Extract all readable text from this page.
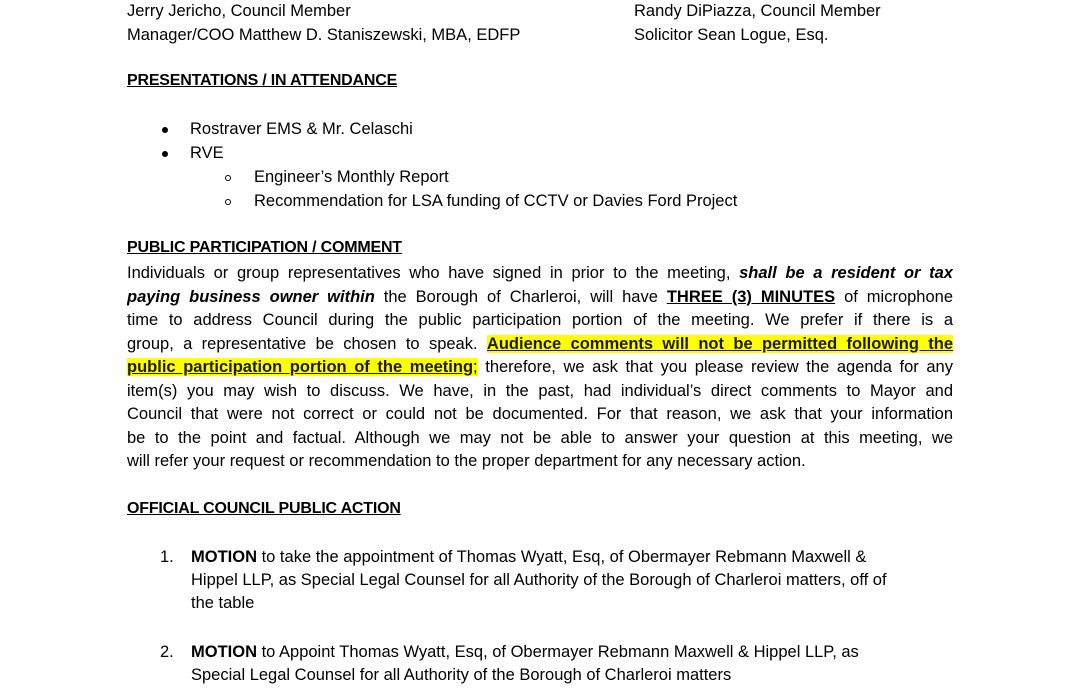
Jerry Jericho, Council Member	Randy DiPiazza, Council Member
Manager/COO Matthew D. Staniszewski, MBA, EDFP	Solicitor Sean Logue, Esq.
PRESENTATIONS / IN ATTENDANCE
Rostraver EMS & Mr. Celaschi
RVE
Engineer’s Monthly Report
Recommendation for LSA funding of CCTV or Davies Ford Project
PUBLIC PARTICIPATION / COMMENT
Individuals or group representatives who have signed in prior to the meeting, shall be a resident or tax
paying business owner within the Borough of Charleroi, will have THREE (3) MINUTES of microphone
time to address Council during the public participation portion of the meeting. We prefer if there is a
group, a representative be chosen to speak. Audience comments will not be permitted following the
public participation portion of the meeting; therefore, we ask that you please review the agenda for any
item(s) you may wish to discuss. We have, in the past, had individual’s direct comments to Mayor and
Council that were not correct or could not be documented. For that reason, we ask that your information
be to the point and factual. Although we may not be able to answer your question at this meeting, we
will refer your request or recommendation to the proper department for any necessary action.
OFFICIAL COUNCIL PUBLIC ACTION
1. MOTION to take the appointment of Thomas Wyatt, Esq, of Obermayer Rebmann Maxwell &
Hippel LLP, as Special Legal Counsel for all Authority of the Borough of Charleroi matters, off of
the table
2. MOTION to Appoint Thomas Wyatt, Esq, of Obermayer Rebmann Maxwell & Hippel LLP, as
Special Legal Counsel for all Authority of the Borough of Charleroi matters
